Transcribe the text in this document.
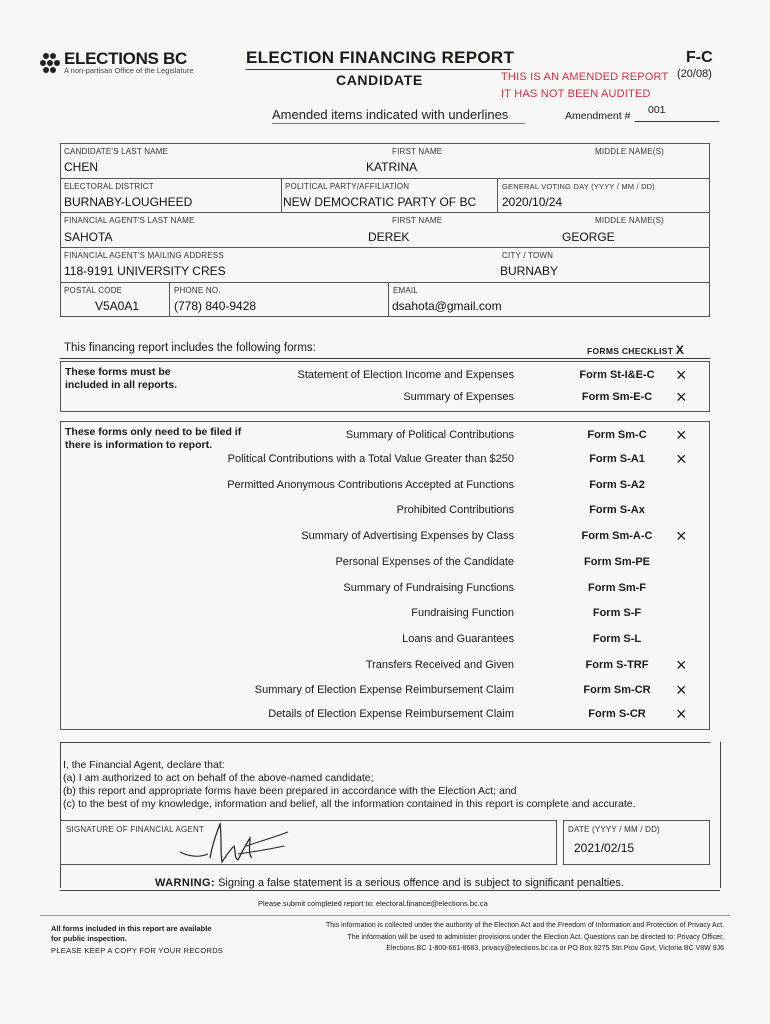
ELECTIONS BC
A non-partisan Office of the Legislature
ELECTION FINANCING REPORT
CANDIDATE
F-C
(20/08)
THIS IS AN AMENDED REPORT
IT HAS NOT BEEN AUDITED
Amended items indicated with underlines	Amendment # 001
CANDIDATE'S LAST NAME
CHEN
FIRST NAME
KATRINA
MIDDLE NAME(S)
ELECTORAL DISTRICT
BURNABY-LOUGHEED
POLITICAL PARTY/AFFILIATION
NEW DEMOCRATIC PARTY OF BC
GENERAL VOTING DAY (YYYY / MM / DD)
2020/10/24
FINANCIAL AGENT'S LAST NAME
SAHOTA
FIRST NAME
DEREK
MIDDLE NAME(S)
GEORGE
FINANCIAL AGENT'S MAILING ADDRESS
118-9191 UNIVERSITY CRES
CITY / TOWN
BURNABY
POSTAL CODE
V5A0A1
PHONE NO.
(778) 840-9428
EMAIL
dsahota@gmail.com
This financing report includes the following forms:	FORMS CHECKLIST X
These forms must be included in all reports.
Statement of Election Income and Expenses	Form St-I&E-C	×
Summary of Expenses	Form Sm-E-C	×
These forms only need to be filed if there is information to report.
Summary of Political Contributions	Form Sm-C	×
Political Contributions with a Total Value Greater than $250	Form S-A1	×
Permitted Anonymous Contributions Accepted at Functions	Form S-A2
Prohibited Contributions	Form S-Ax
Summary of Advertising Expenses by Class	Form Sm-A-C	×
Personal Expenses of the Candidate	Form Sm-PE
Summary of Fundraising Functions	Form Sm-F
Fundraising Function	Form S-F
Loans and Guarantees	Form S-L
Transfers Received and Given	Form S-TRF	×
Summary of Election Expense Reimbursement Claim	Form Sm-CR	×
Details of Election Expense Reimbursement Claim	Form S-CR	×
I, the Financial Agent, declare that:
(a) I am authorized to act on behalf of the above-named candidate;
(b) this report and appropriate forms have been prepared in accordance with the Election Act; and
(c) to the best of my knowledge, information and belief, all the information contained in this report is complete and accurate.
SIGNATURE OF FINANCIAL AGENT	DATE (YYYY / MM / DD)
2021/02/15
WARNING: Signing a false statement is a serious offence and is subject to significant penalties.
Please submit completed report to: electoral.finance@elections.bc.ca
All forms included in this report are available
for public inspection.
PLEASE KEEP A COPY FOR YOUR RECORDS
This information is collected under the authority of the Election Act and the Freedom of Information and Protection of Privacy Act.
The information will be used to administer provisions under the Election Act. Questions can be directed to: Privacy Officer,
Elections BC 1-800-661-8683, privacy@elections.bc.ca or PO Box 9275 Stn Prov Govt, Victoria BC V8W 9J6
